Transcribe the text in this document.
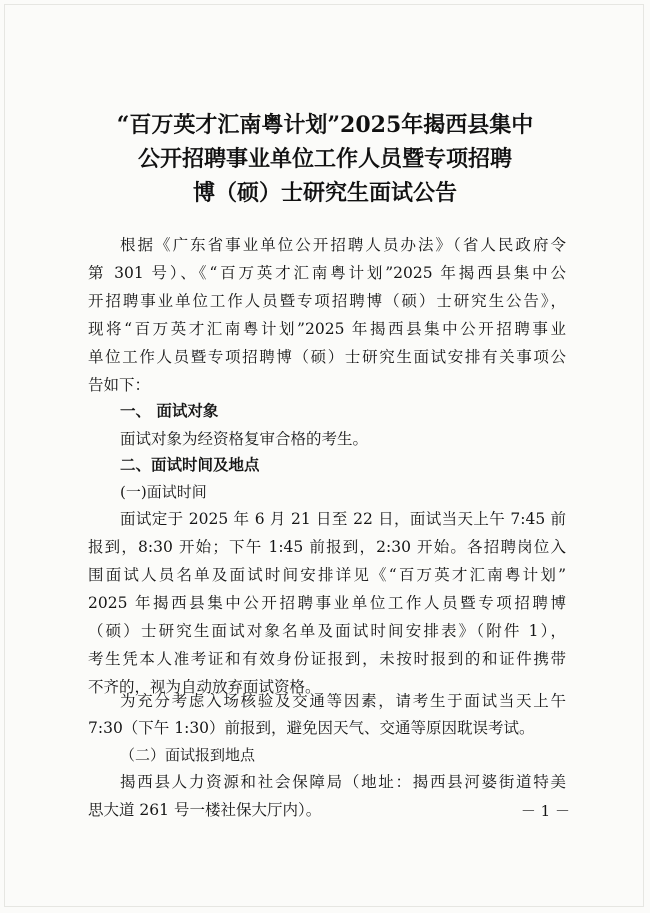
“百万英才汇南粤计划”2025年揭西县集中
公开招聘事业单位工作人员暨专项招聘
博（硕）士研究生面试公告
根据《广东省事业单位公开招聘人员办法》（省人民政府令
第 301 号）、《“百万英才汇南粤计划”2025 年揭西县集中公
开招聘事业单位工作人员暨专项招聘博（硕）士研究生公告》，
现将“百万英才汇南粤计划”2025 年揭西县集中公开招聘事业
单位工作人员暨专项招聘博（硕）士研究生面试安排有关事项公
告如下：
一、 面试对象
面试对象为经资格复审合格的考生。
二、面试时间及地点
(一)面试时间
面试定于 2025 年 6 月 21 日至 22 日，面试当天上午 7:45 前
报到，8:30 开始；下午 1:45 前报到，2:30 开始。各招聘岗位入
围面试人员名单及面试时间安排详见《“百万英才汇南粤计划”
2025 年揭西县集中公开招聘事业单位工作人员暨专项招聘博
（硕）士研究生面试对象名单及面试时间安排表》（附件 1），
考生凭本人准考证和有效身份证报到，未按时报到的和证件携带
不齐的，视为自动放弃面试资格。
为充分考虑入场核验及交通等因素，请考生于面试当天上午
7:30（下午 1:30）前报到，避免因天气、交通等原因耽误考试。
（二）面试报到地点
揭西县人力资源和社会保障局（地址：揭西县河婆街道特美
思大道 261 号一楼社保大厅内）。	－ 1 －
